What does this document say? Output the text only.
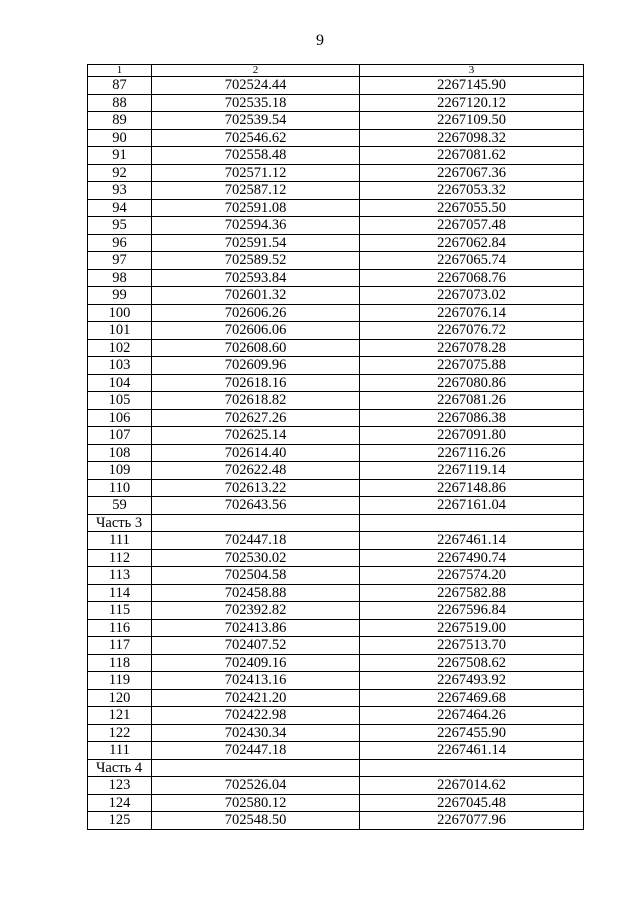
9
1	2	3
87	702524.44	2267145.90
88	702535.18	2267120.12
89	702539.54	2267109.50
90	702546.62	2267098.32
91	702558.48	2267081.62
92	702571.12	2267067.36
93	702587.12	2267053.32
94	702591.08	2267055.50
95	702594.36	2267057.48
96	702591.54	2267062.84
97	702589.52	2267065.74
98	702593.84	2267068.76
99	702601.32	2267073.02
100	702606.26	2267076.14
101	702606.06	2267076.72
102	702608.60	2267078.28
103	702609.96	2267075.88
104	702618.16	2267080.86
105	702618.82	2267081.26
106	702627.26	2267086.38
107	702625.14	2267091.80
108	702614.40	2267116.26
109	702622.48	2267119.14
110	702613.22	2267148.86
59	702643.56	2267161.04
Часть 3		
111	702447.18	2267461.14
112	702530.02	2267490.74
113	702504.58	2267574.20
114	702458.88	2267582.88
115	702392.82	2267596.84
116	702413.86	2267519.00
117	702407.52	2267513.70
118	702409.16	2267508.62
119	702413.16	2267493.92
120	702421.20	2267469.68
121	702422.98	2267464.26
122	702430.34	2267455.90
111	702447.18	2267461.14
Часть 4		
123	702526.04	2267014.62
124	702580.12	2267045.48
125	702548.50	2267077.96
